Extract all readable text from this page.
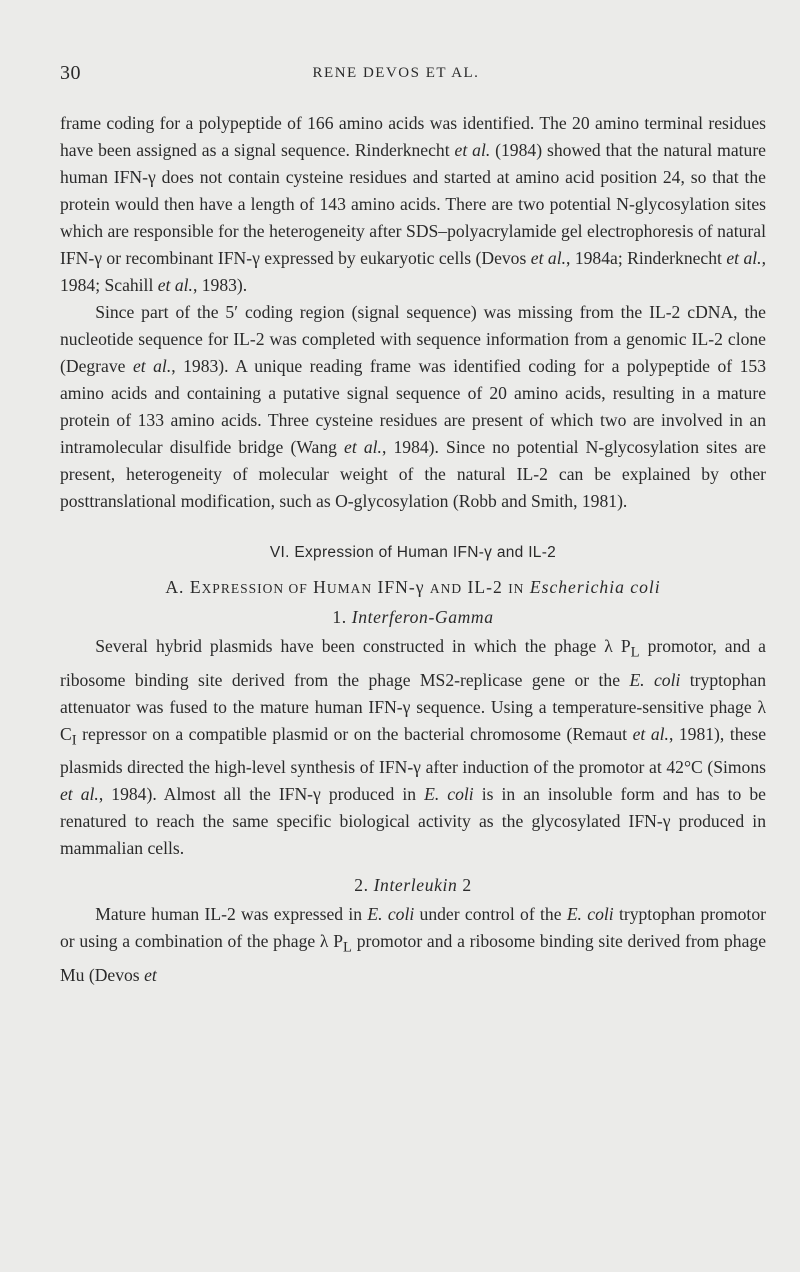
30	RENE DEVOS ET AL.

frame coding for a polypeptide of 166 amino acids was identified. The 20 amino terminal residues have been assigned as a signal sequence. Rinderknecht et al. (1984) showed that the natural mature human IFN-γ does not contain cysteine residues and started at amino acid position 24, so that the protein would then have a length of 143 amino acids. There are two potential N-glycosylation sites which are responsible for the heterogeneity after SDS–polyacrylamide gel electrophoresis of natural IFN-γ or recombinant IFN-γ expressed by eukaryotic cells (Devos et al., 1984a; Rinderknecht et al., 1984; Scahill et al., 1983).

Since part of the 5′ coding region (signal sequence) was missing from the IL-2 cDNA, the nucleotide sequence for IL-2 was completed with sequence information from a genomic IL-2 clone (Degrave et al., 1983). A unique reading frame was identified coding for a polypeptide of 153 amino acids and containing a putative signal sequence of 20 amino acids, resulting in a mature protein of 133 amino acids. Three cysteine residues are present of which two are involved in an intramolecular disulfide bridge (Wang et al., 1984). Since no potential N-glycosylation sites are present, heterogeneity of molecular weight of the natural IL-2 can be explained by other posttranslational modification, such as O-glycosylation (Robb and Smith, 1981).

VI. Expression of Human IFN-γ and IL-2
A. EXPRESSION OF HUMAN IFN-γ AND IL-2 IN Escherichia coli
1. Interferon-Gamma

Several hybrid plasmids have been constructed in which the phage λ $P_L$ promotor, and a ribosome binding site derived from the phage MS2-replicase gene or the E. coli tryptophan attenuator was fused to the mature human IFN-γ sequence. Using a temperature-sensitive phage λ $C_I$ repressor on a compatible plasmid or on the bacterial chromosome (Remaut et al., 1981), these plasmids directed the high-level synthesis of IFN-γ after induction of the promotor at 42°C (Simons et al., 1984). Almost all the IFN-γ produced in E. coli is in an insoluble form and has to be renatured to reach the same specific biological activity as the glycosylated IFN-γ produced in mammalian cells.

2. Interleukin 2

Mature human IL-2 was expressed in E. coli under control of the E. coli tryptophan promotor or using a combination of the phage λ $P_L$ promotor and a ribosome binding site derived from phage Mu (Devos et
